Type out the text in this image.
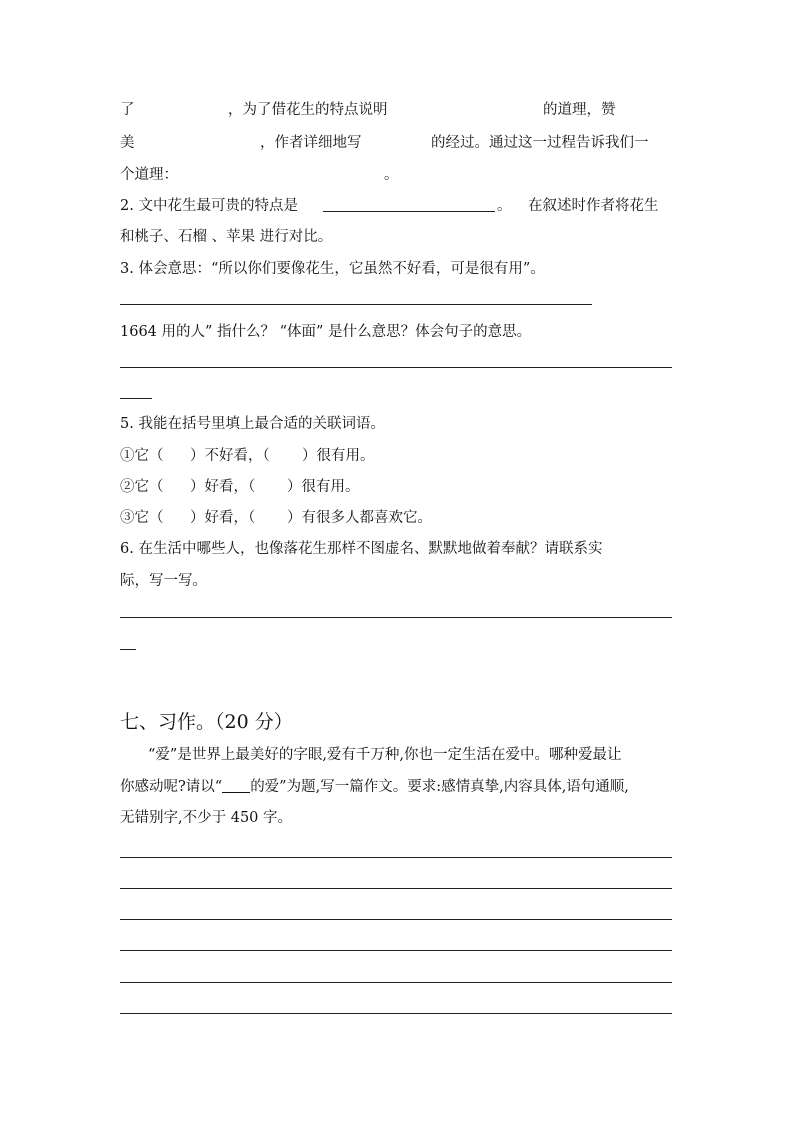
了	，为了借花生的特点说明	的道理，赞
美	，作者详细地写	的经过。通过这一过程告诉我们一
个道理：	。
2. 文中花生最可贵的特点是	。 在叙述时作者将花生
和桃子、石榴 、苹果 进行对比。
3. 体会意思：“所以你们要像花生，它虽然不好看，可是很有用”。
1664 用的人” 指什么？ “体面” 是什么意思？体会句子的意思。
5. 我能在括号里填上最合适的关联词语。
①它（ ）不好看，（ ）很有用。
②它（ ）好看，（ ）很有用。
③它（ ）好看，（ ）有很多人都喜欢它。
6. 在生活中哪些人，也像落花生那样不图虚名、默默地做着奉献？请联系实
际，写一写。
七、习作。（20 分）
“爱”是世界上最美好的字眼,爱有千万种,你也一定生活在爱中。哪种爱最让
你感动呢?请以“ 的爱”为题,写一篇作文。要求:感情真挚,内容具体,语句通顺,
无错别字,不少于 450 字。
